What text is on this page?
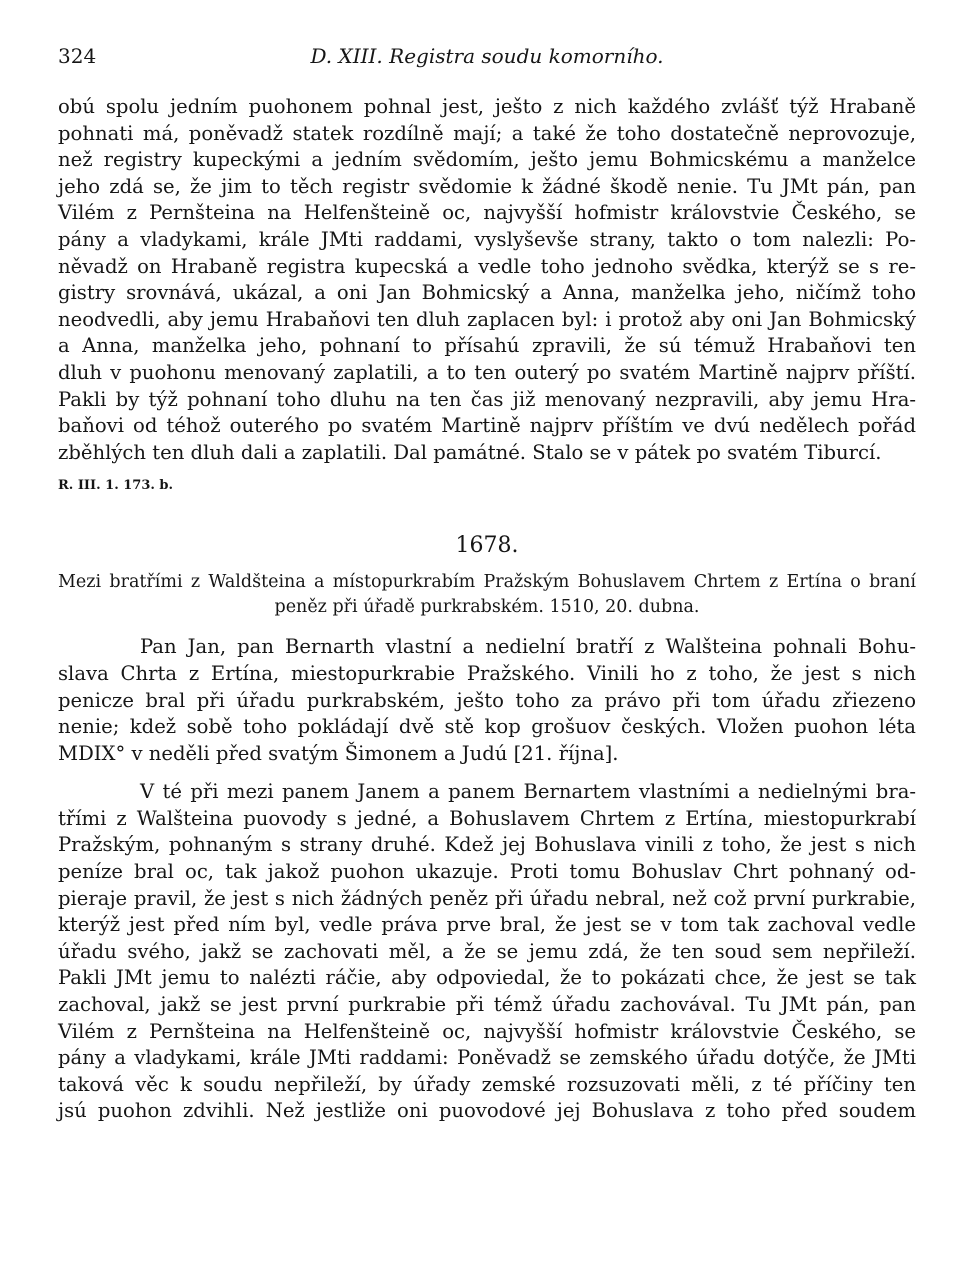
324	D. XIII. Registra soudu komorního.
obú spolu jedním puohonem pohnal jest, ješto z nich každého zvlášť týž Hrabaně
pohnati má, poněvadž statek rozdílně mají; a také že toho dostatečně neprovozuje,
než registry kupeckými a jedním svědomím, ješto jemu Bohmicskému a manželce
jeho zdá se, že jim to těch registr svědomie k žádné škodě nenie. Tu JMt pán, pan
Vilém z Pernšteina na Helfenšteině oc, najvyšší hofmistr královstvie Českého, se
pány a vladykami, krále JMti raddami, vyslyševše strany, takto o tom nalezli: Po-
něvadž on Hrabaně registra kupecská a vedle toho jednoho svědka, kterýž se s re-
gistry srovnává, ukázal, a oni Jan Bohmicský a Anna, manželka jeho, ničímž toho
neodvedli, aby jemu Hrabaňovi ten dluh zaplacen byl: i protož aby oni Jan Bohmicský
a Anna, manželka jeho, pohnaní to přísahú zpravili, že sú témuž Hrabaňovi ten
dluh v puohonu menovaný zaplatili, a to ten outerý po svatém Martině najprv příští.
Pakli by týž pohnaní toho dluhu na ten čas již menovaný nezpravili, aby jemu Hra-
baňovi od téhož outerého po svatém Martině najprv příštím ve dvú nedělech pořád
zběhlých ten dluh dali a zaplatili. Dal památné. Stalo se v pátek po svatém Tiburcí.
R. III. 1. 173. b.
1678.
Mezi bratřími z Waldšteina a místopurkrabím Pražským Bohuslavem Chrtem z Ertína o braní
peněz při úřadě purkrabském. 1510, 20. dubna.
Pan Jan, pan Bernarth vlastní a nedielní bratří z Walšteina pohnali Bohu-
slava Chrta z Ertína, miestopurkrabie Pražského. Vinili ho z toho, že jest s nich
penicze bral při úřadu purkrabském, ješto toho za právo při tom úřadu zřiezeno
nenie; kdež sobě toho pokládají dvě stě kop grošuov českých. Vložen puohon léta
MDIX° v neděli před svatým Šimonem a Judú [21. října].
V té při mezi panem Janem a panem Bernartem vlastními a nedielnými bra-
třími z Walšteina puovody s jedné, a Bohuslavem Chrtem z Ertína, miestopurkrabí
Pražským, pohnaným s strany druhé. Kdež jej Bohuslava vinili z toho, že jest s nich
peníze bral oc, tak jakož puohon ukazuje. Proti tomu Bohuslav Chrt pohnaný od-
pieraje pravil, že jest s nich žádných peněz při úřadu nebral, než což první purkrabie,
kterýž jest před ním byl, vedle práva prve bral, že jest se v tom tak zachoval vedle
úřadu svého, jakž se zachovati měl, a že se jemu zdá, že ten soud sem nepřileží.
Pakli JMt jemu to nalézti ráčie, aby odpoviedal, že to pokázati chce, že jest se tak
zachoval, jakž se jest první purkrabie při témž úřadu zachovával. Tu JMt pán, pan
Vilém z Pernšteina na Helfenšteině oc, najvyšší hofmistr královstvie Českého, se
pány a vladykami, krále JMti raddami: Poněvadž se zemského úřadu dotýče, že JMti
taková věc k soudu nepřileží, by úřady zemské rozsuzovati měli, z té příčiny ten
jsú puohon zdvihli. Než jestliže oni puovodové jej Bohuslava z toho před soudem
